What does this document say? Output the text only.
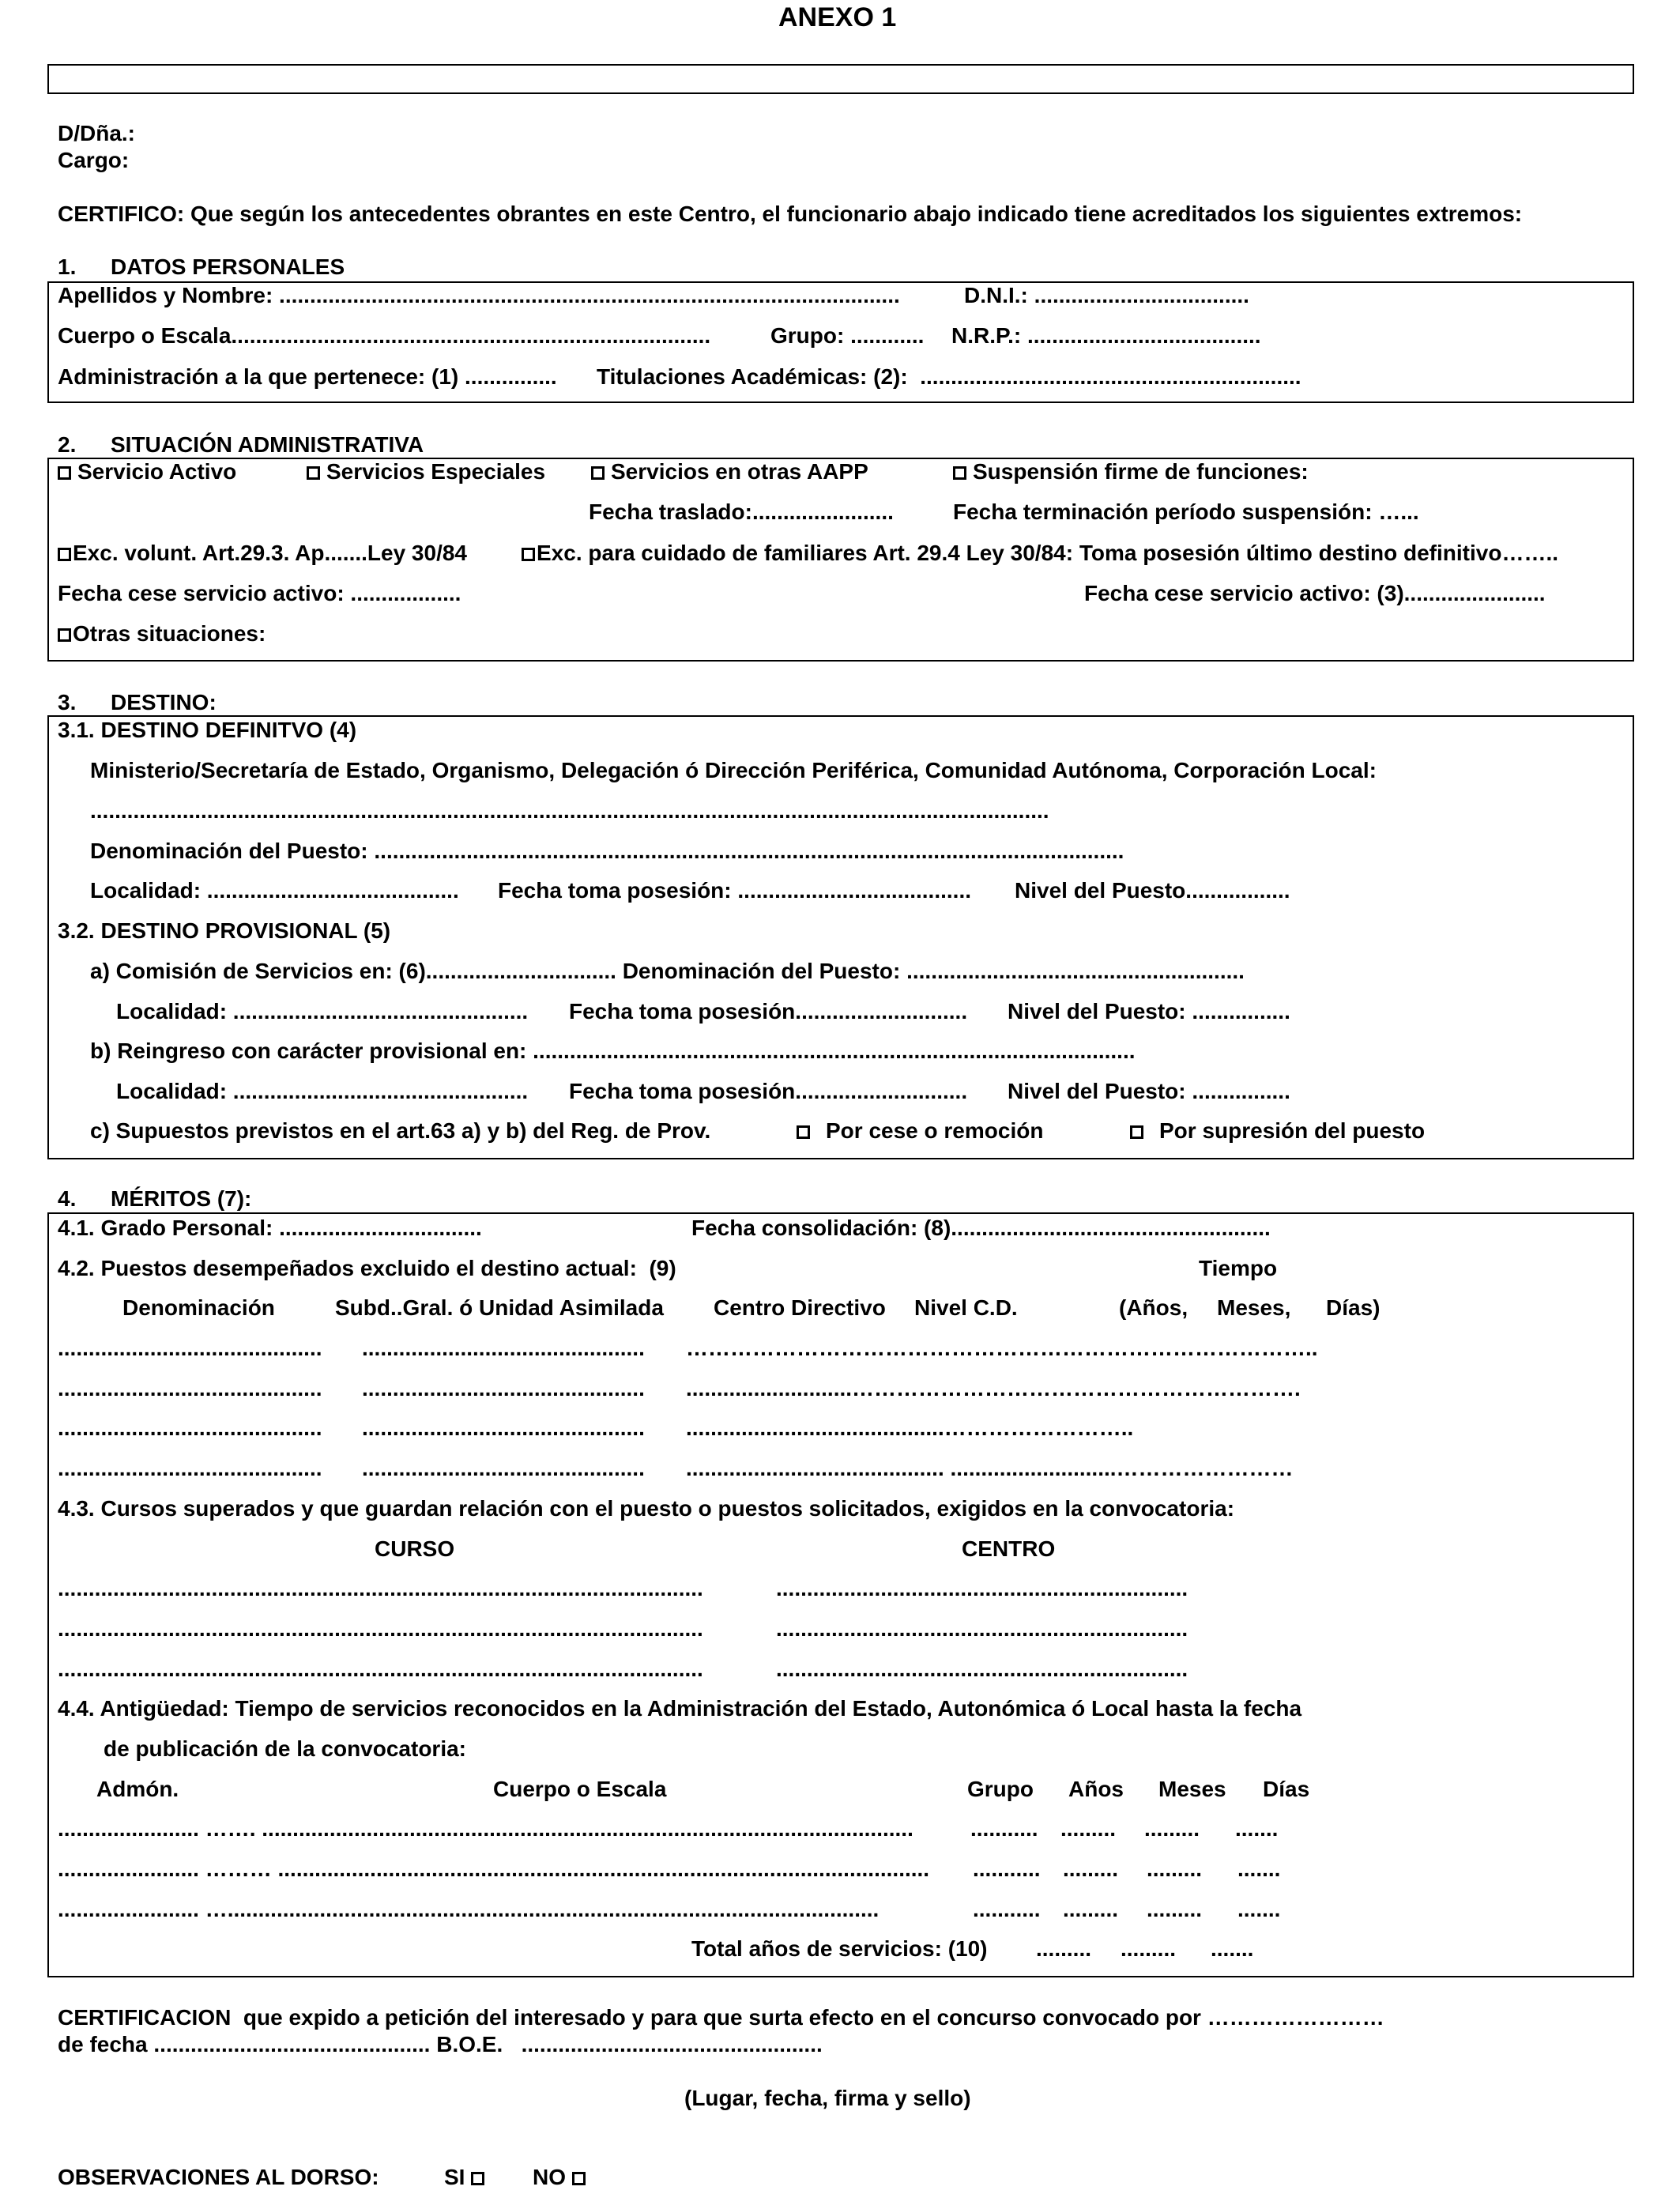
ANEXO 1
D/Dña.:
Cargo:
CERTIFICO: Que según los antecedentes obrantes en este Centro, el funcionario abajo indicado tiene acreditados los siguientes extremos:
1. DATOS PERSONALES
Apellidos y Nombre: .....................................................................................................	D.N.I.: ...................................
Cuerpo o Escala..............................................................................	Grupo: ............ N.R.P.: ......................................
Administración a la que pertenece: (1) ............... Titulaciones Académicas: (2):  ..............................................................
2. SITUACIÓN ADMINISTRATIVA
Servicio Activo	Servicios Especiales	Servicios en otras AAPP	Suspensión firme de funciones:
Fecha traslado:.......................	Fecha terminación período suspensión: …...
Exc. volunt. Art.29.3. Ap.......Ley 30/84	Exc. para cuidado de familiares Art. 29.4 Ley 30/84: Toma posesión último destino definitivo……..
Fecha cese servicio activo: ..................	Fecha cese servicio activo: (3).......................
Otras situaciones:
3. DESTINO:
3.1. DESTINO DEFINITVO (4)
Ministerio/Secretaría de Estado, Organismo, Delegación ó Dirección Periférica, Comunidad Autónoma, Corporación Local:
............................................................................................................................................................
Denominación del Puesto: ..........................................................................................................................
Localidad: ......................................... Fecha toma posesión: ...................................... Nivel del Puesto.................
3.2. DESTINO PROVISIONAL (5)
a) Comisión de Servicios en: (6)............................... Denominación del Puesto: .......................................................
Localidad: ................................................ Fecha toma posesión............................ Nivel del Puesto: ................
b) Reingreso con carácter provisional en: ..................................................................................................
Localidad: ................................................ Fecha toma posesión............................ Nivel del Puesto: ................
c) Supuestos previstos en el art.63 a) y b) del Reg. de Prov.	Por cese o remoción	Por supresión del puesto
4. MÉRITOS (7):
4.1. Grado Personal: .................................	Fecha consolidación: (8)....................................................
4.2. Puestos desempeñados excluido el destino actual:  (9)	Tiempo
Denominación	Subd..Gral. ó Unidad Asimilada Centro Directivo Nivel C.D.	(Años, Meses, Días)
........................................... .............................................. …………………………………………………………………………..
........................................... .............................................. ...........................…………………………………………………….
........................................... .............................................. ..........................................……………………..
........................................... .............................................. .......................................... ...........................……………………
4.3. Cursos superados y que guardan relación con el puesto o puestos solicitados, exigidos en la convocatoria:
CURSO	CENTRO
.........................................................................................................	...................................................................
.........................................................................................................	...................................................................
.........................................................................................................	...................................................................
4.4. Antigüedad: Tiempo de servicios reconocidos en la Administración del Estado, Autonómica ó Local hasta la fecha
de publicación de la convocatoria:
Admón.	Cuerpo o Escala	Grupo Años Meses Días
....................... ……. ..........................................................................................................	........... ......... ......... .......
....................... ……… .......................................................................................................... ........... ......... ......... .......
....................... …..........................................................................................................	........... ......... ......... .......
Total años de servicios: (10) ......... ......... .......
CERTIFICACION  que expido a petición del interesado y para que surta efecto en el concurso convocado por ……………………
de fecha ............................................. B.O.E.   .................................................
(Lugar, fecha, firma y sello)
OBSERVACIONES AL DORSO:	SI	NO
